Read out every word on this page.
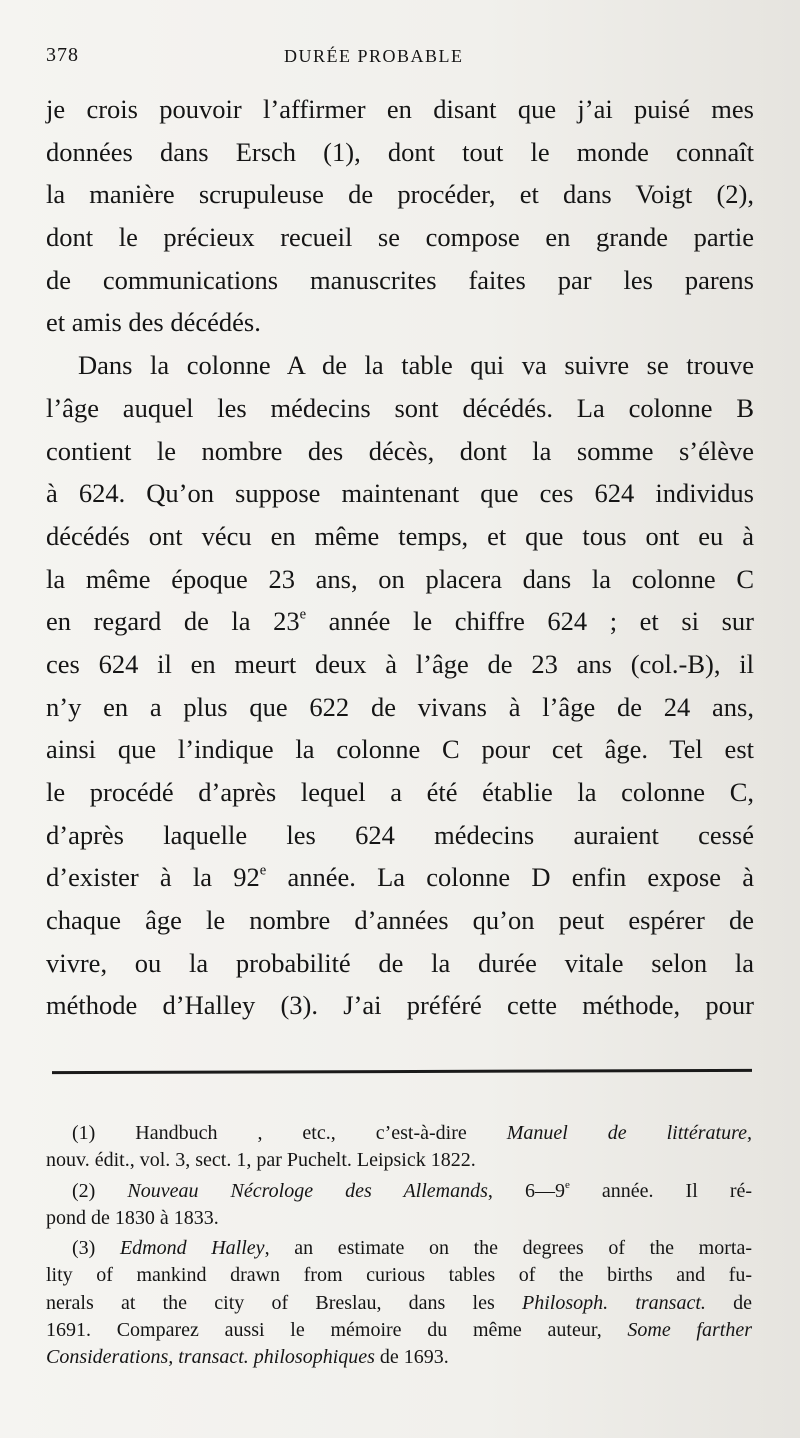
378	DURÉE PROBABLE
je crois pouvoir l’affirmer en disant que j’ai puisé mes
données dans Ersch (1), dont tout le monde connaît
la manière scrupuleuse de procéder, et dans Voigt (2),
dont le précieux recueil se compose en grande partie
de communications manuscrites faites par les parens
et amis des décédés.
Dans la colonne A de la table qui va suivre se trouve
l’âge auquel les médecins sont décédés. La colonne B
contient le nombre des décès, dont la somme s’élève
à 624. Qu’on suppose maintenant que ces 624 individus
décédés ont vécu en même temps, et que tous ont eu à
la même époque 23 ans, on placera dans la colonne C
en regard de la 23e année le chiffre 624 ; et si sur
ces 624 il en meurt deux à l’âge de 23 ans (col.-B), il
n’y en a plus que 622 de vivans à l’âge de 24 ans,
ainsi que l’indique la colonne C pour cet âge. Tel est
le procédé d’après lequel a été établie la colonne C,
d’après laquelle les 624 médecins auraient cessé
d’exister à la 92e année. La colonne D enfin expose à
chaque âge le nombre d’années qu’on peut espérer de
vivre, ou la probabilité de la durée vitale selon la
méthode d’Halley (3). J’ai préféré cette méthode, pour
(1) Handbuch , etc., c’est-à-dire Manuel de littérature,
nouv. édit., vol. 3, sect. 1, par Puchelt. Leipsick 1822.
(2) Nouveau Nécrologe des Allemands, 6—9e année. Il ré-
pond de 1830 à 1833.
(3) Edmond Halley, an estimate on the degrees of the morta-
lity of mankind drawn from curious tables of the births and fu-
nerals at the city of Breslau, dans les Philosoph. transact. de
1691. Comparez aussi le mémoire du même auteur, Some farther
Considerations, transact. philosophiques de 1693.
